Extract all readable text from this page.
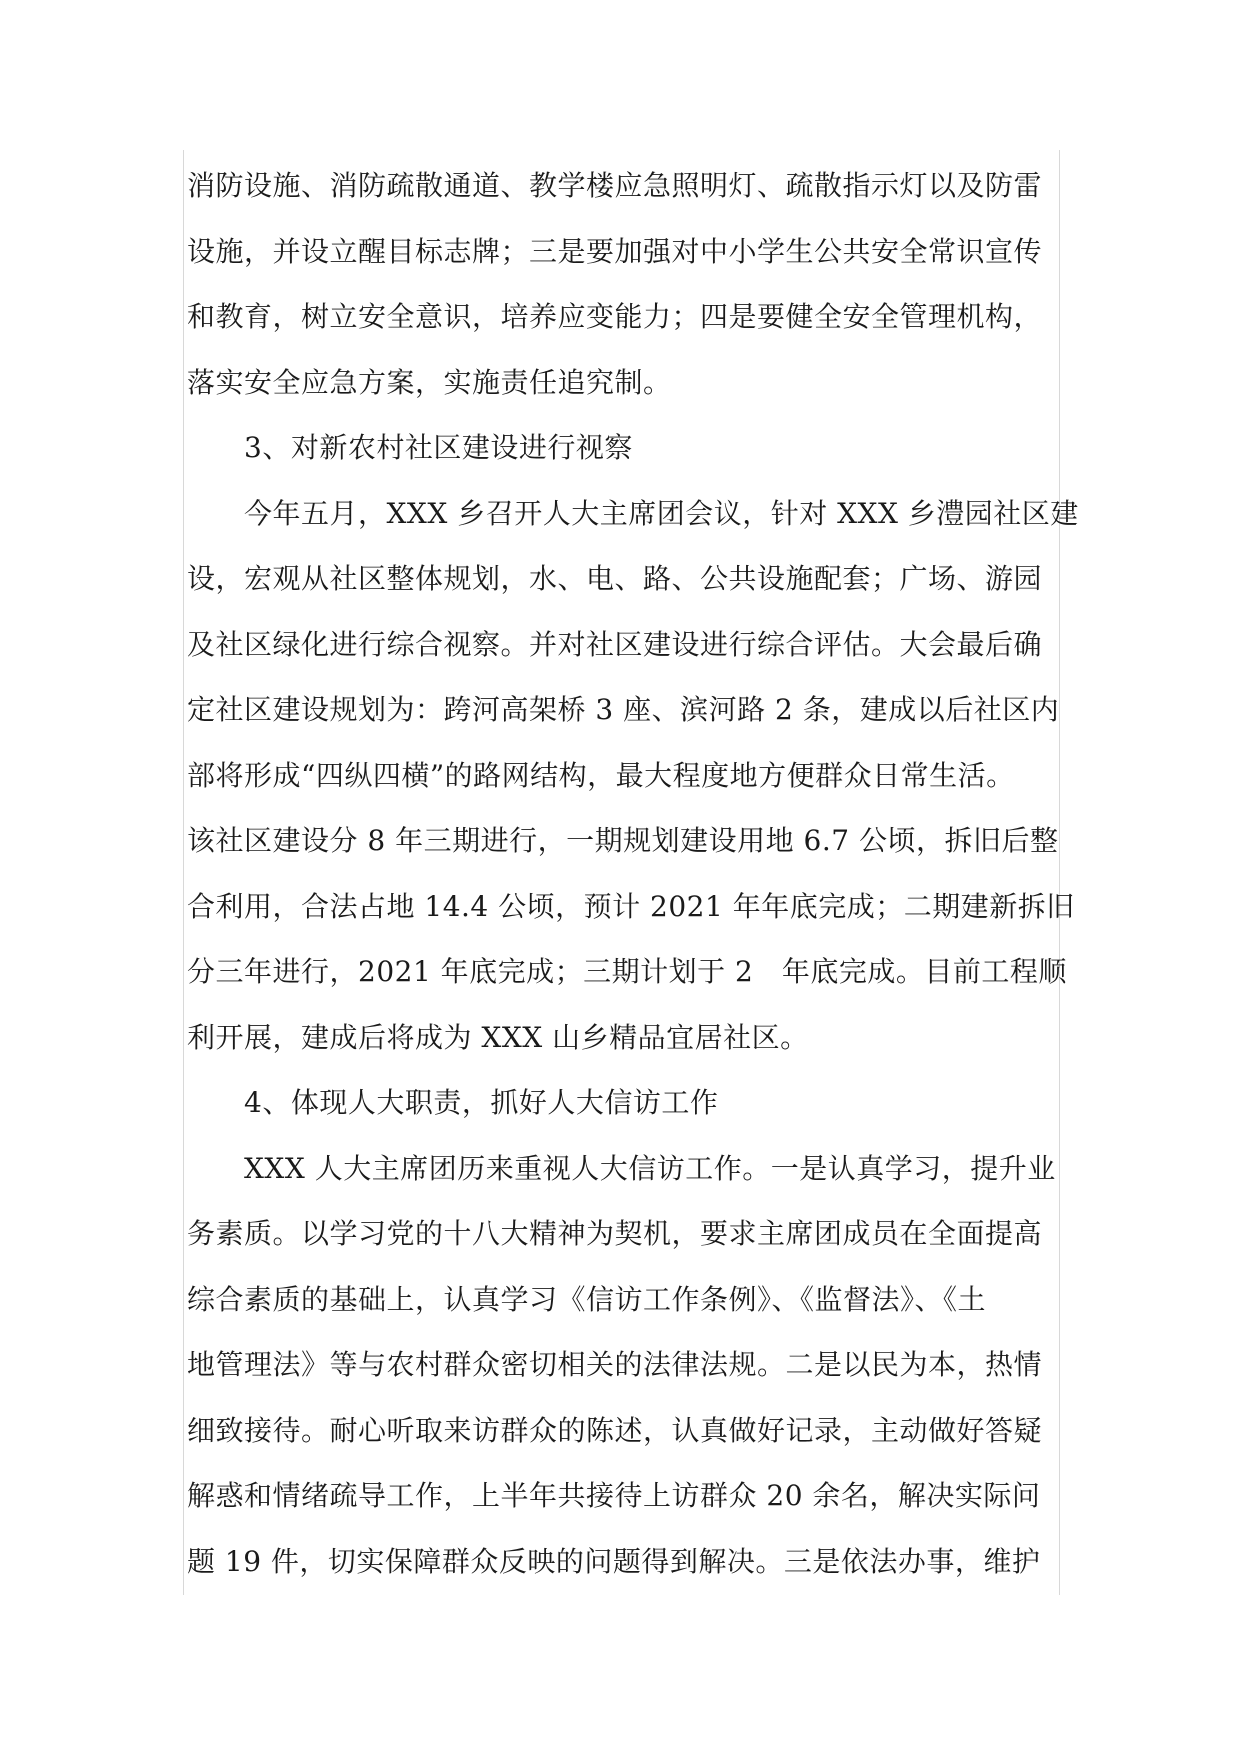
消防设施、消防疏散通道、教学楼应急照明灯、疏散指示灯以及防雷
设施，并设立醒目标志牌；三是要加强对中小学生公共安全常识宣传
和教育，树立安全意识，培养应变能力；四是要健全安全管理机构，
落实安全应急方案，实施责任追究制。
3、对新农村社区建设进行视察
今年五月，XXX 乡召开人大主席团会议，针对 XXX 乡澧园社区建
设，宏观从社区整体规划，水、电、路、公共设施配套；广场、游园
及社区绿化进行综合视察。并对社区建设进行综合评估。大会最后确
定社区建设规划为：跨河高架桥 3 座、滨河路 2 条，建成以后社区内
部将形成“四纵四横”的路网结构，最大程度地方便群众日常生活。
该社区建设分 8 年三期进行，一期规划建设用地 6.7 公顷，拆旧后整
合利用，合法占地 14.4 公顷，预计 2021 年年底完成；二期建新拆旧
分三年进行，2021 年底完成；三期计划于 2　年底完成。目前工程顺
利开展，建成后将成为 XXX 山乡精品宜居社区。
4、体现人大职责，抓好人大信访工作
XXX 人大主席团历来重视人大信访工作。一是认真学习，提升业
务素质。以学习党的十八大精神为契机，要求主席团成员在全面提高
综合素质的基础上，认真学习《信访工作条例》、《监督法》、《土
地管理法》等与农村群众密切相关的法律法规。二是以民为本，热情
细致接待。耐心听取来访群众的陈述，认真做好记录，主动做好答疑
解惑和情绪疏导工作，上半年共接待上访群众 20 余名，解决实际问
题 19 件，切实保障群众反映的问题得到解决。三是依法办事，维护
